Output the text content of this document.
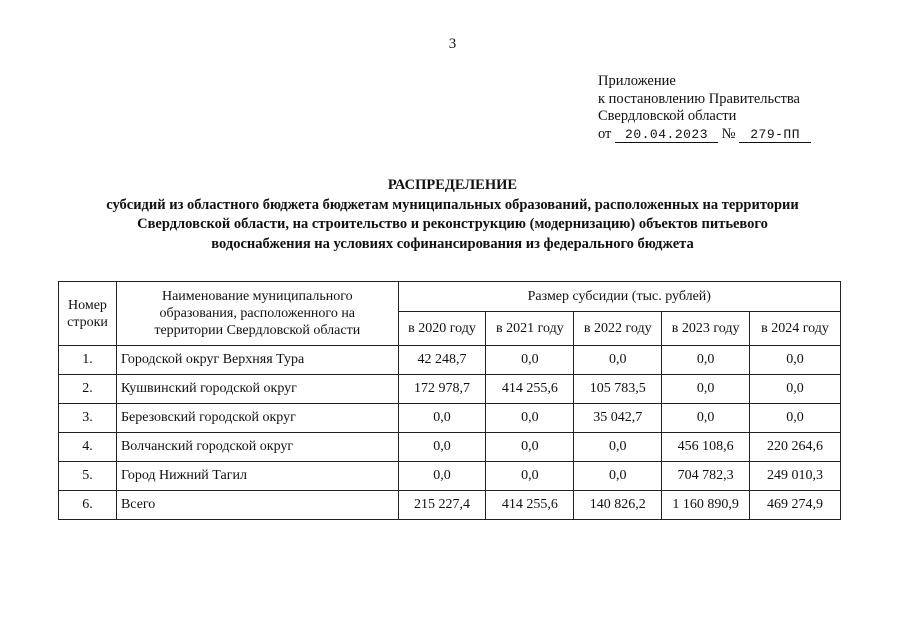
3
Приложение
к постановлению Правительства
Свердловской области
от 20.04.2023 № 279-ПП
РАСПРЕДЕЛЕНИЕ
субсидий из областного бюджета бюджетам муниципальных образований, расположенных на территории
Свердловской области, на строительство и реконструкцию (модернизацию) объектов питьевого
водоснабжения на условиях софинансирования из федерального бюджета
Номер строки	Наименование муниципального образования, расположенного на территории Свердловской области	Размер субсидии (тыс. рублей)				
		в 2020 году	в 2021 году	в 2022 году	в 2023 году	в 2024 году
1.	Городской округ Верхняя Тура	42 248,7	0,0	0,0	0,0	0,0
2.	Кушвинский городской округ	172 978,7	414 255,6	105 783,5	0,0	0,0
3.	Березовский городской округ	0,0	0,0	35 042,7	0,0	0,0
4.	Волчанский городской округ	0,0	0,0	0,0	456 108,6	220 264,6
5.	Город Нижний Тагил	0,0	0,0	0,0	704 782,3	249 010,3
6.	Всего	215 227,4	414 255,6	140 826,2	1 160 890,9	469 274,9
